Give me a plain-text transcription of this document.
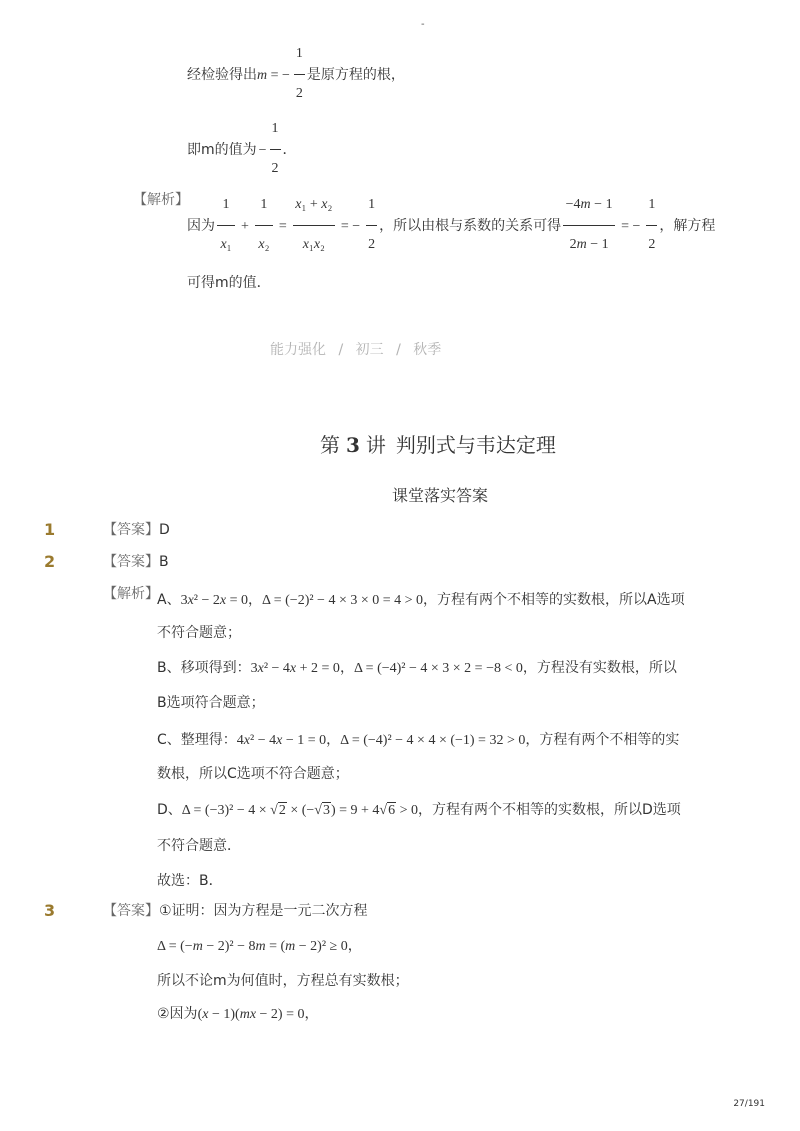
-
经检验得出m = −
1
2
是原方程的根，
即m的值为 −
1
2
．
【解析】
因为
1
x₁
+
1
x₂
=
x₁ + x₂
x₁x₂
= −
1
2
，所以由根与系数的关系可得
−4m − 1
2m − 1
= −
1
2
，解方程
可得m的值．
能力强化 / 初三 / 秋季
第 3 讲 判别式与韦达定理
课堂落实答案
1	【答案】D
2	【答案】B
【解析】
A、3x² − 2x = 0，Δ = (−2)² − 4 × 3 × 0 = 4 > 0，方程有两个不相等的实数根，所以A选项
不符合题意；
B、移项得到：3x² − 4x + 2 = 0，Δ = (−4)² − 4 × 3 × 2 = −8 < 0，方程没有实数根，所以
B选项符合题意；
C、整理得：4x² − 4x − 1 = 0，Δ = (−4)² − 4 × 4 × (−1) = 32 > 0，方程有两个不相等的实
数根，所以C选项不符合题意；
D、Δ = (−3)² − 4 × √2 × (−√3) = 9 + 4√6 > 0，方程有两个不相等的实数根，所以D选项
不符合题意．
故选：B．
3	【答案】①证明：因为方程是一元二次方程
Δ = (−m − 2)² − 8m = (m − 2)² ≥ 0，
所以不论m为何值时，方程总有实数根；
②因为(x − 1)(mx − 2) = 0，
27/191
